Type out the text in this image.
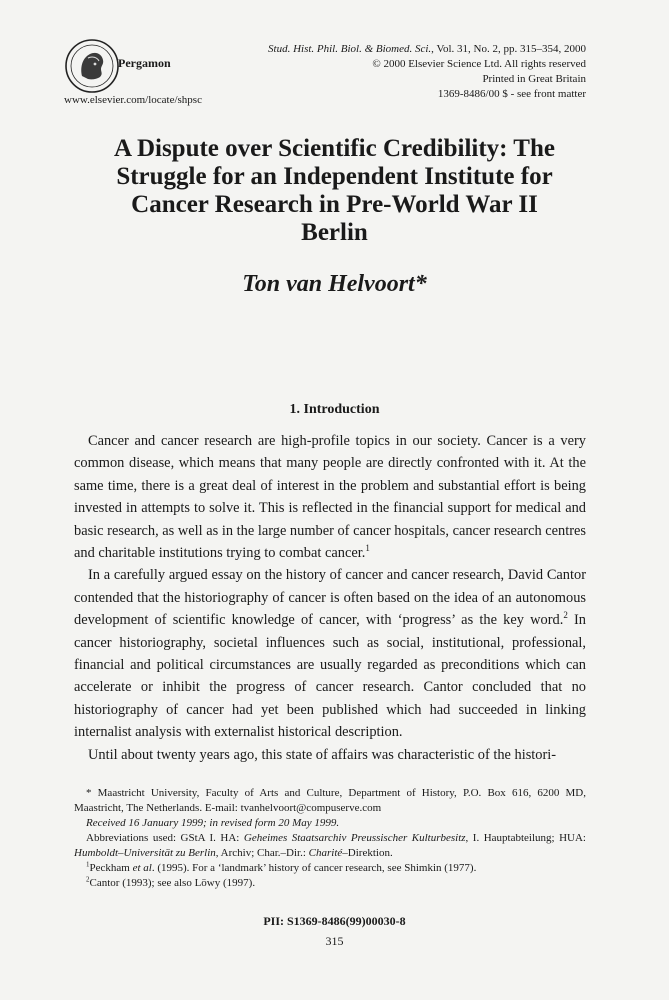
Pergamon
www.elsevier.com/locate/shpsc
Stud. Hist. Phil. Biol. & Biomed. Sci., Vol. 31, No. 2, pp. 315–354, 2000
© 2000 Elsevier Science Ltd. All rights reserved
Printed in Great Britain
1369-8486/00 $ - see front matter
A Dispute over Scientific Credibility: The
Struggle for an Independent Institute for
Cancer Research in Pre-World War II
Berlin
Ton van Helvoort*
1. Introduction

Cancer and cancer research are high-profile topics in our society. Cancer is a very common disease, which means that many people are directly confronted with it. At the same time, there is a great deal of interest in the problem and substantial effort is being invested in attempts to solve it. This is reflected in the financial support for medical and basic research, as well as in the large number of cancer hospitals, cancer research centres and charitable institutions trying to combat cancer.$^1$

In a carefully argued essay on the history of cancer and cancer research, David Cantor contended that the historiography of cancer is often based on the idea of an autonomous development of scientific knowledge of cancer, with ‘progress’ as the key word.$^2$ In cancer historiography, societal influences such as social, institutional, professional, financial and political circumstances are usually regarded as preconditions which can accelerate or inhibit the progress of cancer research. Cantor concluded that no historiography of cancer had yet been published which had succeeded in linking internalist analysis with externalist historical description.

Until about twenty years ago, this state of affairs was characteristic of the histori-

* Maastricht University, Faculty of Arts and Culture, Department of History, P.O. Box 616, 6200 MD, Maastricht, The Netherlands. E-mail: tvanhelvoort@compuserve.com

Received 16 January 1999; in revised form 20 May 1999.

Abbreviations used: GStA I. HA: Geheimes Staatsarchiv Preussischer Kulturbesitz, I. Hauptabteilung; HUA: Humboldt–Universität zu Berlin, Archiv; Char.–Dir.: Charité–Direktion.

$^1$Peckham et al. (1995). For a ‘landmark’ history of cancer research, see Shimkin (1977).

$^2$Cantor (1993); see also Löwy (1997).

PII: S1369-8486(99)00030-8
315
